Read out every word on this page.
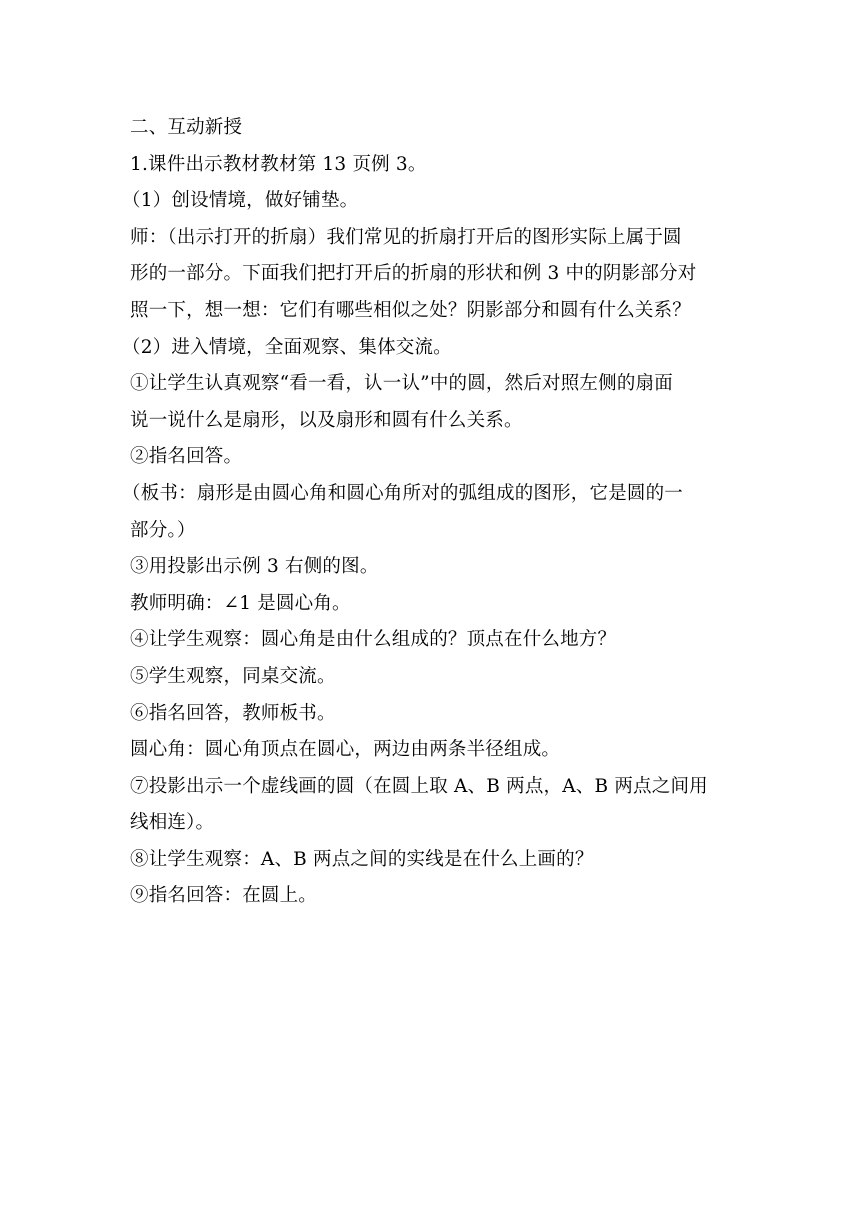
二、互动新授
1.课件出示教材教材第 13 页例 3。
（1）创设情境，做好铺垫。
师：（出示打开的折扇）我们常见的折扇打开后的图形实际上属于圆
形的一部分。下面我们把打开后的折扇的形状和例 3 中的阴影部分对
照一下，想一想：它们有哪些相似之处？阴影部分和圆有什么关系？
（2）进入情境，全面观察、集体交流。
①让学生认真观察“看一看，认一认”中的圆，然后对照左侧的扇面
说一说什么是扇形，以及扇形和圆有什么关系。
②指名回答。
（板书：扇形是由圆心角和圆心角所对的弧组成的图形，它是圆的一
部分。）
③用投影出示例 3 右侧的图。
教师明确：∠1 是圆心角。
④让学生观察：圆心角是由什么组成的？顶点在什么地方？
⑤学生观察，同桌交流。
⑥指名回答，教师板书。
圆心角：圆心角顶点在圆心，两边由两条半径组成。
⑦投影出示一个虚线画的圆（在圆上取 A、B 两点，A、B 两点之间用
线相连）。
⑧让学生观察：A、B 两点之间的实线是在什么上画的？
⑨指名回答：在圆上。
